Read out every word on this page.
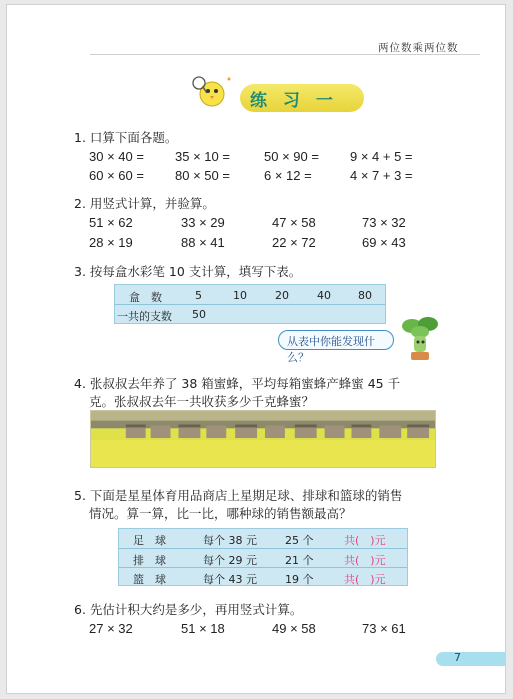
两位数乘两位数
练 习 一
1. 口算下面各题。
30 × 40 = 35 × 10 =	50 × 90 = 9 × 4 + 5 =
60 × 60 = 80 × 50 =	6 × 12 =	4 × 7 + 3 =
2. 用竖式计算，并验算。
51 × 62	33 × 29	47 × 58	73 × 32
28 × 19	88 × 41	22 × 72	69 × 43
3. 按每盒水彩笔 10 支计算，填写下表。
盒　数	5	10	20	40 80
一共的支数 50
从表中你能发现什么？
4. 张叔叔去年养了 38 箱蜜蜂，平均每箱蜜蜂产蜂蜜 45 千
克。张叔叔去年一共收获多少千克蜂蜜？
5. 下面是星星体育用品商店上星期足球、排球和篮球的销售
情况。算一算，比一比，哪种球的销售额最高？
足　球	每个 38 元	25 个	共(　)元
排　球	每个 29 元	21 个	共(　)元
篮　球	每个 43 元	19 个	共(　)元
6. 先估计积大约是多少，再用竖式计算。
27 × 32	51 × 18	49 × 58	73 × 61
7
